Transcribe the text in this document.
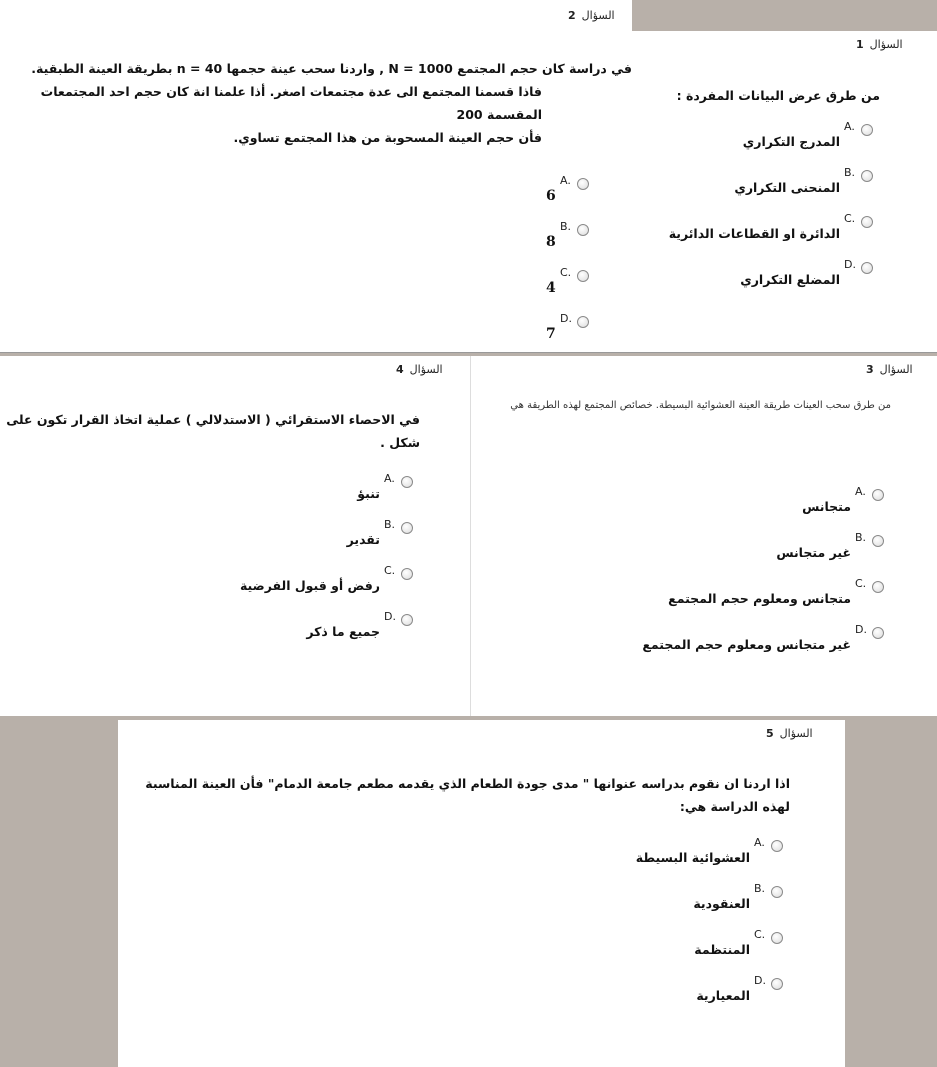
2 السؤال
في دراسة كان حجم المجتمع N = 1000 , واردنا سحب عينة حجمها n = 40 بطريقة العينة الطبقية.
فاذا قسمنا المجتمع الى عدة مجتمعات اصغر. أذا علمنا انة كان حجم احد المجتمعات المقسمة 200
فأن حجم العينة المسحوبة من هذا المجتمع تساوي.
A.
6
B.
8
C.
4
D.
7
1 السؤال
من طرق عرض البيانات المفردة :
A.
المدرج التكراري
B.
المنحنى التكراري
C.
الدائرة او القطاعات الدائرية
D.
المضلع التكراري
4 السؤال
في الاحصاء الاستقرائي ( الاستدلالي ) عملية اتخاذ القرار تكون على شكل .
A.
تنبؤ
B.
تقدير
C.
رفض أو قبول الفرضية
D.
جميع ما ذكر
3 السؤال
من طرق سحب العينات طريقة العينة العشوائية البسيطة. خصائص المجتمع لهذه الطريقة هي
A.
متجانس
B.
غير متجانس
C.
متجانس ومعلوم حجم المجتمع
D.
غير متجانس ومعلوم حجم المجتمع
5 السؤال
اذا اردنا ان نقوم بدراسه عنوانها " مدى جودة الطعام الذي يقدمه مطعم جامعة الدمام" فأن العينة المناسبة لهذه الدراسة هي:
A.
العشوائية البسيطة
B.
العنقودية
C.
المنتظمة
D.
المعيارية
